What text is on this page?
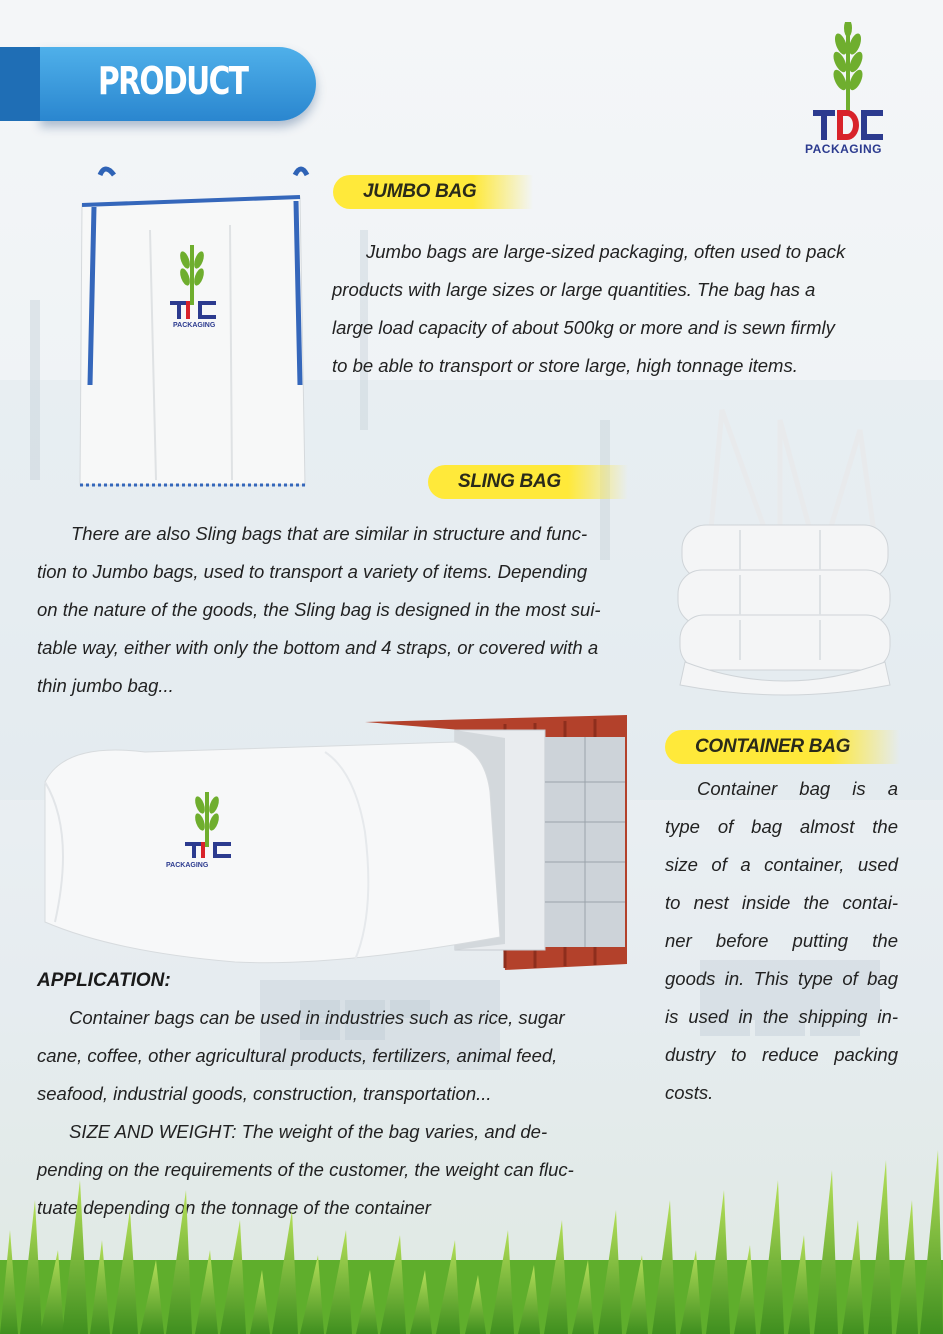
PRODUCT
PACKAGING
PACKAGING
JUMBO BAG
Jumbo bags are large-sized packaging, often used to pack
products with large sizes or large quantities. The bag has a
large load capacity of about 500kg or more and is sewn firmly
to be able to transport or store large, high tonnage items.
SLING BAG
There are also Sling bags that are similar in structure and func-
tion to Jumbo bags, used to transport a variety of items. Depending
on the nature of the goods, the Sling bag is designed in the most sui-
table way, either with only the bottom and 4 straps, or covered with a
thin jumbo bag...
PACKAGING
CONTAINER BAG
Container bag is a
type of bag almost the
size of a container, used
to nest inside the contai-
ner before putting the
goods in. This type of bag
is used in the shipping in-
dustry to reduce packing
costs.
APPLICATION:
Container bags can be used in industries such as rice, sugar
cane, coffee, other agricultural products, fertilizers, animal feed,
seafood, industrial goods, construction, transportation...
SIZE AND WEIGHT: The weight of the bag varies, and de-
pending on the requirements of the customer, the weight can fluc-
tuate depending on the tonnage of the container
